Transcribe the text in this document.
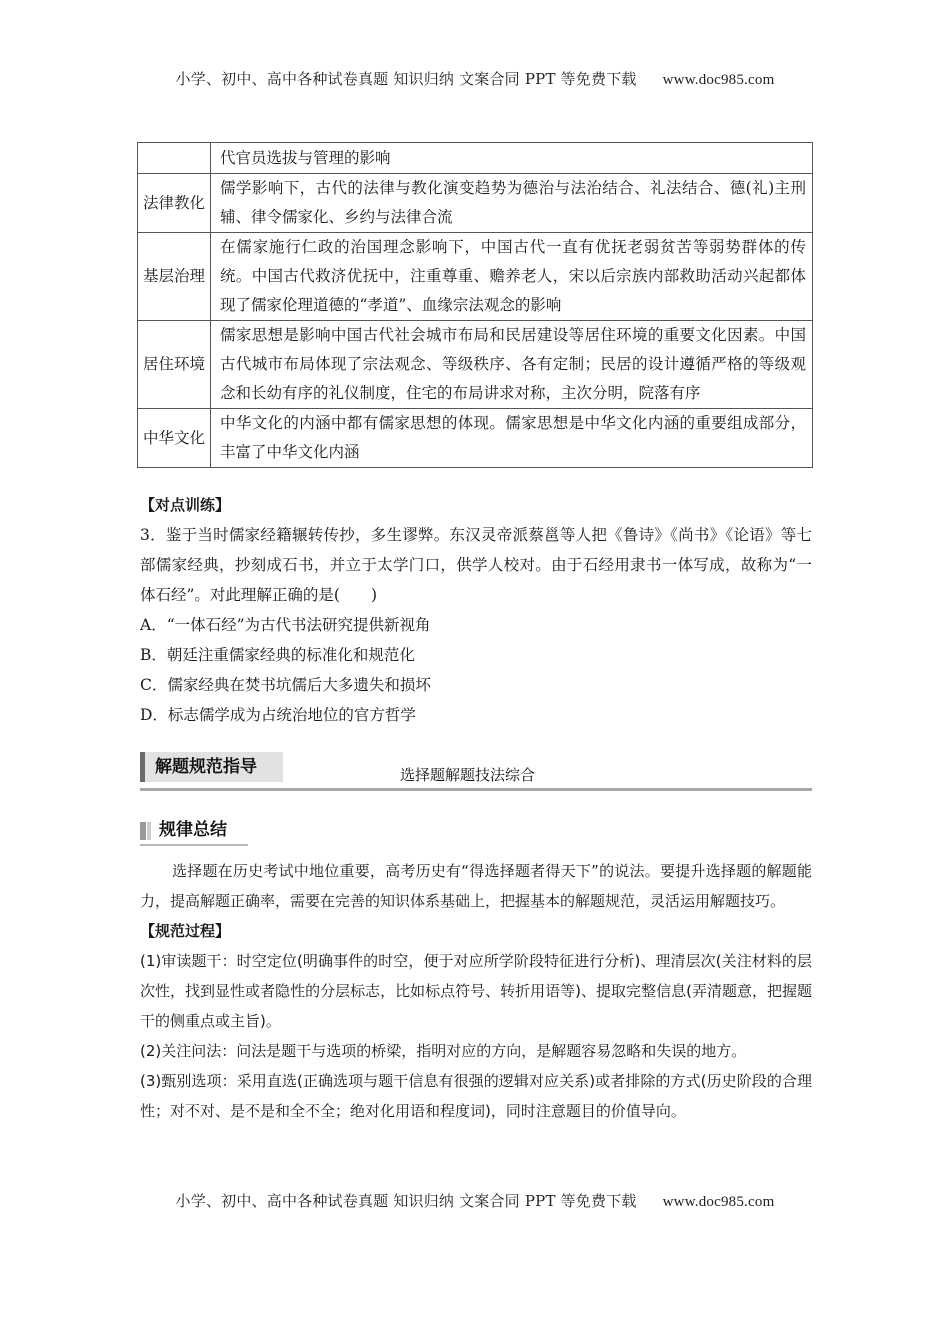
小学、初中、高中各种试卷真题 知识归纳 文案合同 PPT 等免费下载 www.doc985.com
	代官员选拔与管理的影响
法律教化	儒学影响下，古代的法律与教化演变趋势为德治与法治结合、礼法结合、德(礼)主刑辅、律令儒家化、乡约与法律合流
基层治理	在儒家施行仁政的治国理念影响下，中国古代一直有优抚老弱贫苦等弱势群体的传统。中国古代救济优抚中，注重尊重、赡养老人，宋以后宗族内部救助活动兴起都体现了儒家伦理道德的“孝道”、血缘宗法观念的影响
居住环境	儒家思想是影响中国古代社会城市布局和民居建设等居住环境的重要文化因素。中国古代城市布局体现了宗法观念、等级秩序、各有定制；民居的设计遵循严格的等级观念和长幼有序的礼仪制度，住宅的布局讲求对称，主次分明，院落有序
中华文化	中华文化的内涵中都有儒家思想的体现。儒家思想是中华文化内涵的重要组成部分，丰富了中华文化内涵

【对点训练】

3．鉴于当时儒家经籍辗转传抄，多生谬弊。东汉灵帝派蔡邕等人把《鲁诗》《尚书》《论语》等七部儒家经典，抄刻成石书，并立于太学门口，供学人校对。由于石经用隶书一体写成，故称为“一体石经”。对此理解正确的是(　　)

A．“一体石经”为古代书法研究提供新视角
B．朝廷注重儒家经典的标准化和规范化
C．儒家经典在焚书坑儒后大多遗失和损坏
D．标志儒学成为占统治地位的官方哲学
解题规范指导	选择题解题技法综合
规律总结

选择题在历史考试中地位重要，高考历史有“得选择题者得天下”的说法。要提升选择题的解题能力，提高解题正确率，需要在完善的知识体系基础上，把握基本的解题规范，灵活运用解题技巧。

【规范过程】

(1)审读题干：时空定位(明确事件的时空，便于对应所学阶段特征进行分析)、理清层次(关注材料的层次性，找到显性或者隐性的分层标志，比如标点符号、转折用语等)、提取完整信息(弄清题意，把握题干的侧重点或主旨)。

(2)关注问法：问法是题干与选项的桥梁，指明对应的方向，是解题容易忽略和失误的地方。

(3)甄别选项：采用直选(正确选项与题干信息有很强的逻辑对应关系)或者排除的方式(历史阶段的合理性；对不对、是不是和全不全；绝对化用语和程度词)，同时注意题目的价值导向。

小学、初中、高中各种试卷真题 知识归纳 文案合同 PPT 等免费下载 www.doc985.com
